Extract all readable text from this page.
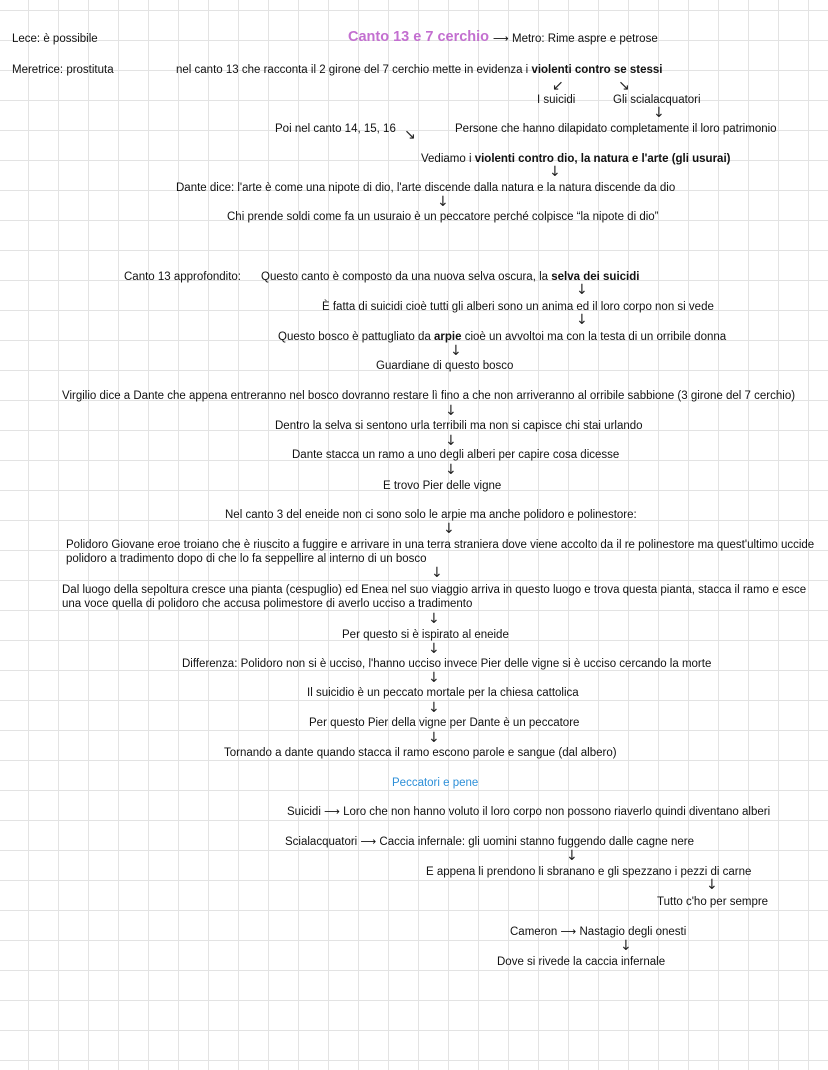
Lece: è possibile
Meretrice: prostituta
Canto 13 e 7 cerchio ⟶ Metro: Rime aspre e petrose
nel canto 13 che racconta il 2 girone del 7 cerchio mette in evidenza i violenti contro se stessi
↙	↘
I suicidi	Gli scialacquatori
↓
Poi nel canto 14, 15, 16 ↘	Persone che hanno dilapidato completamente il loro patrimonio
Vediamo i violenti contro dio, la natura e l'arte (gli usurai)
↓
Dante dice: l'arte è come una nipote di dio, l'arte discende dalla natura e la natura discende da dio
↓
Chi prende soldi come fa un usuraio è un peccatore perché colpisce “la nipote di dio”
Canto 13 approfondito: Questo canto è composto da una nuova selva oscura, la selva dei suicidi
↓
È fatta di suicidi cioè tutti gli alberi sono un anima ed il loro corpo non si vede
↓
Questo bosco è pattugliato da arpie cioè un avvoltoi ma con la testa di un orribile donna
↓
Guardiane di questo bosco
Virgilio dice a Dante che appena entreranno nel bosco dovranno restare lì fino a che non arriveranno al orribile sabbione (3 girone del 7 cerchio)
↓
Dentro la selva si sentono urla terribili ma non si capisce chi stai urlando
↓
Dante stacca un ramo a uno degli alberi per capire cosa dicesse
↓
E trovo Pier delle vigne
Nel canto 3 del eneide non ci sono solo le arpie ma anche polidoro e polinestore:
↓
Polidoro Giovane eroe troiano che è riuscito a fuggire e arrivare in una terra straniera dove viene accolto da il re polinestore ma quest'ultimo uccide polidoro a tradimento dopo di che lo fa seppellire al interno di un bosco
↓
Dal luogo della sepoltura cresce una pianta (cespuglio) ed Enea nel suo viaggio arriva in questo luogo e trova questa pianta, stacca il ramo e esce una voce quella di polidoro che accusa polimestore di averlo ucciso a tradimento
↓
Per questo si è ispirato al eneide
↓
Differenza: Polidoro non si è ucciso, l'hanno ucciso invece Pier delle vigne si è ucciso cercando la morte
↓
Il suicidio è un peccato mortale per la chiesa cattolica
↓
Per questo Pier della vigne per Dante è un peccatore
↓
Tornando a dante quando stacca il ramo escono parole e sangue (dal albero)
Peccatori e pene
Suicidi ⟶ Loro che non hanno voluto il loro corpo non possono riaverlo quindi diventano alberi
Scialacquatori ⟶ Caccia infernale: gli uomini stanno fuggendo dalle cagne nere
↓
E appena li prendono li sbranano e gli spezzano i pezzi di carne
↓
Tutto c'ho per sempre
Cameron ⟶ Nastagio degli onesti
↓
Dove si rivede la caccia infernale
